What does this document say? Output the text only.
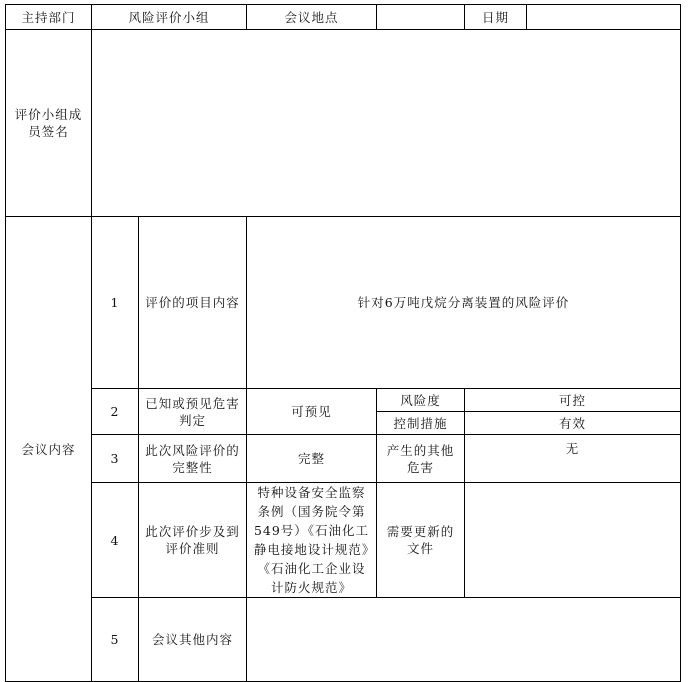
主持部门	风险评价小组		会议地点		日期	
评价小组成员签名						
会议内容	1	评价的项目内容	针对6万吨戊烷分离装置的风险评价			
	2	已知或预见危害判定	可预见	风险度	可控	
				控制措施	有效	
	3	此次风险评价的完整性	完整	产生的其他危害	无	
	4	此次评价步及到评价准则	特种设备安全监察条例（国务院令第549号）《石油化工静电接地设计规范》《石油化工企业设计防火规范》	需要更新的文件		
	5	会议其他内容				
